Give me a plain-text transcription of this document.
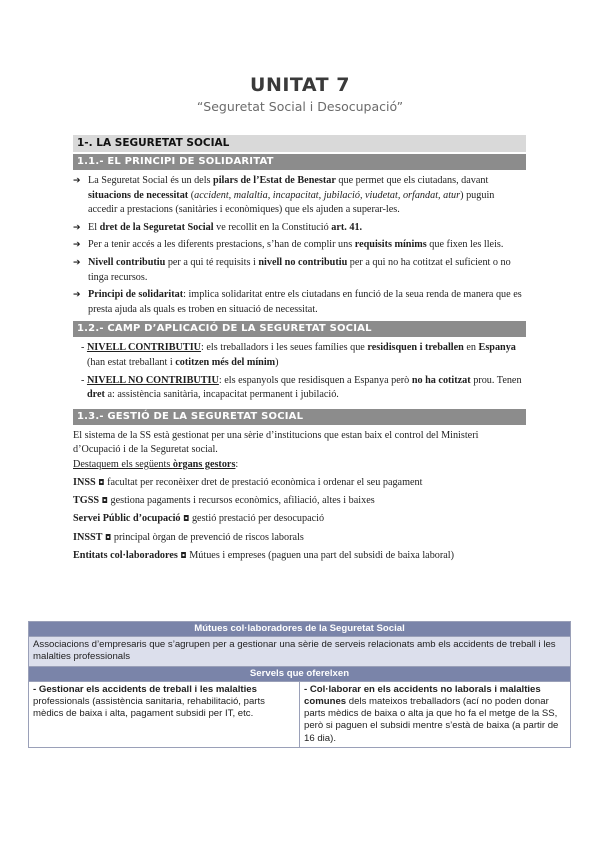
UNITAT 7
“Seguretat Social i Desocupació”
1-. LA SEGURETAT SOCIAL
1.1.- EL PRINCIPI DE SOLIDARITAT
➔ La Seguretat Social és un dels pilars de l’Estat de Benestar que permet que els ciutadans, davant situacions de necessitat (accident, malaltia, incapacitat, jubilació, viudetat, orfandat, atur) puguin accedir a prestacions (sanitàries i econòmiques) que els ajuden a superar-les.
➔ El dret de la Seguretat Social ve recollit en la Constitució art. 41.
➔ Per a tenir accés a les diferents prestacions, s’han de complir uns requisits mínims que fixen les lleis.
➔ Nivell contributiu per a qui té requisits i nivell no contributiu per a qui no ha cotitzat el suficient o no tinga recursos.
➔ Principi de solidaritat: implica solidaritat entre els ciutadans en funció de la seua renda de manera que es presta ajuda als quals es troben en situació de necessitat.
1.2.- CAMP D’APLICACIÓ DE LA SEGURETAT SOCIAL
- NIVELL CONTRIBUTIU: els treballadors i les seues famílies que residisquen i treballen en Espanya (han estat treballant i cotitzen més del mínim)
- NIVELL NO CONTRIBUTIU: els espanyols que residisquen a Espanya però no ha cotitzat prou. Tenen dret a: assistència sanitària, incapacitat permanent i jubilació.
1.3.- GESTIÓ DE LA SEGURETAT SOCIAL
El sistema de la SS està gestionat per una sèrie d’institucions que estan baix el control del Ministeri d’Ocupació i de la Seguretat social.
Destaquem els següents òrgans gestors:
INSS ◘ facultat per reconèixer dret de prestació econòmica i ordenar el seu pagament
TGSS ◘ gestiona pagaments i recursos econòmics, afiliació, altes i baixes
Servei Públic d’ocupació ◘ gestió prestació per desocupació
INSST ◘ principal òrgan de prevenció de riscos laborals
Entitats col·laboradores ◘ Mútues i empreses (paguen una part del subsidi de baixa laboral)
Mútues col·laboradores de la Seguretat Social
Associacions d’empresaris que s’agrupen per a gestionar una sèrie de serveis relacionats amb els accidents de treball i les malalties professionals
Servels que oferelxen
- Gestionar els accidents de treball i les malalties professionals (assistència sanitaria, rehabilitació, parts mèdics de baixa i alta, pagament subsidi per IT, etc.	- Col·laborar en els accidents no laborals i malalties comunes dels mateixos treballadors (ací no poden donar parts mèdics de baixa o alta ja que ho fa el metge de la SS, però si paguen el subsidi mentre s’està de baixa (a partir de 16 dia).
